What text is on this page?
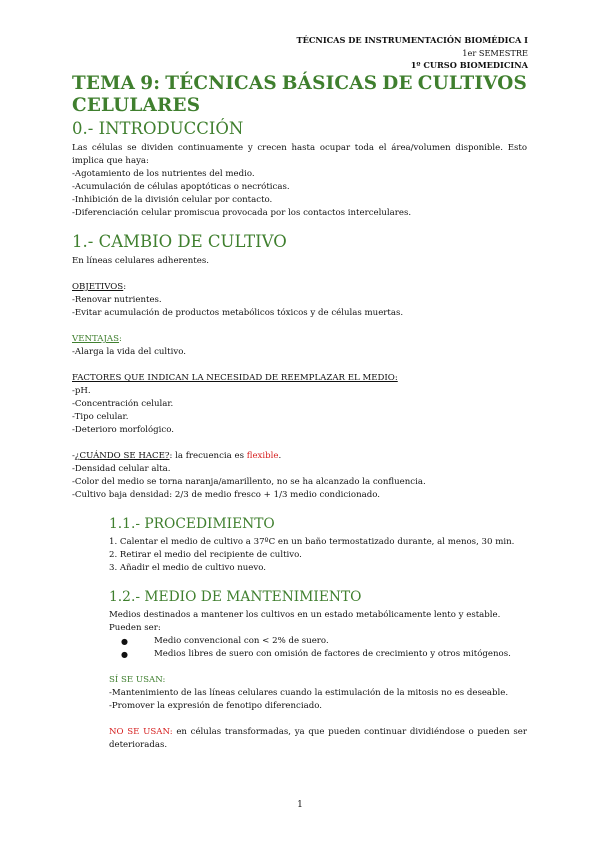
TÉCNICAS DE INSTRUMENTACIÓN BIOMÉDICA I
1er SEMESTRE
1º CURSO BIOMEDICINA
TEMA 9: TÉCNICAS BÁSICAS DE CULTIVOS
CELULARES
0.- INTRODUCCIÓN

Las células se dividen continuamente y crecen hasta ocupar toda el área/volumen disponible. Esto implica que haya:

-Agotamiento de los nutrientes del medio.

-Acumulación de células apoptóticas o necróticas.

-Inhibición de la división celular por contacto.

-Diferenciación celular promiscua provocada por los contactos intercelulares.

1.- CAMBIO DE CULTIVO

En líneas celulares adherentes.

OBJETIVOS:

-Renovar nutrientes.

-Evitar acumulación de productos metabólicos tóxicos y de células muertas.

VENTAJAS:

-Alarga la vida del cultivo.

FACTORES QUE INDICAN LA NECESIDAD DE REEMPLAZAR EL MEDIO:

-pH.

-Concentración celular.

-Tipo celular.

-Deterioro morfológico.

-¿CUÁNDO SE HACE?: la frecuencia es flexible.

-Densidad celular alta.

-Color del medio se torna naranja/amarillento, no se ha alcanzado la confluencia.

-Cultivo baja densidad: 2/3 de medio fresco + 1/3 medio condicionado.

1.1.- PROCEDIMIENTO

1. Calentar el medio de cultivo a 37ºC en un baño termostatizado durante, al menos, 30 min.

2. Retirar el medio del recipiente de cultivo.

3. Añadir el medio de cultivo nuevo.

1.2.- MEDIO DE MANTENIMIENTO

Medios destinados a mantener los cultivos en un estado metabólicamente lento y estable. Pueden ser:

● Medio convencional con < 2% de suero.
● Medios libres de suero con omisión de factores de crecimiento y otros mitógenos.

SÍ SE USAN:

-Mantenimiento de las líneas celulares cuando la estimulación de la mitosis no es deseable.

-Promover la expresión de fenotipo diferenciado.

NO SE USAN: en células transformadas, ya que pueden continuar dividiéndose o pueden ser deterioradas.

1
